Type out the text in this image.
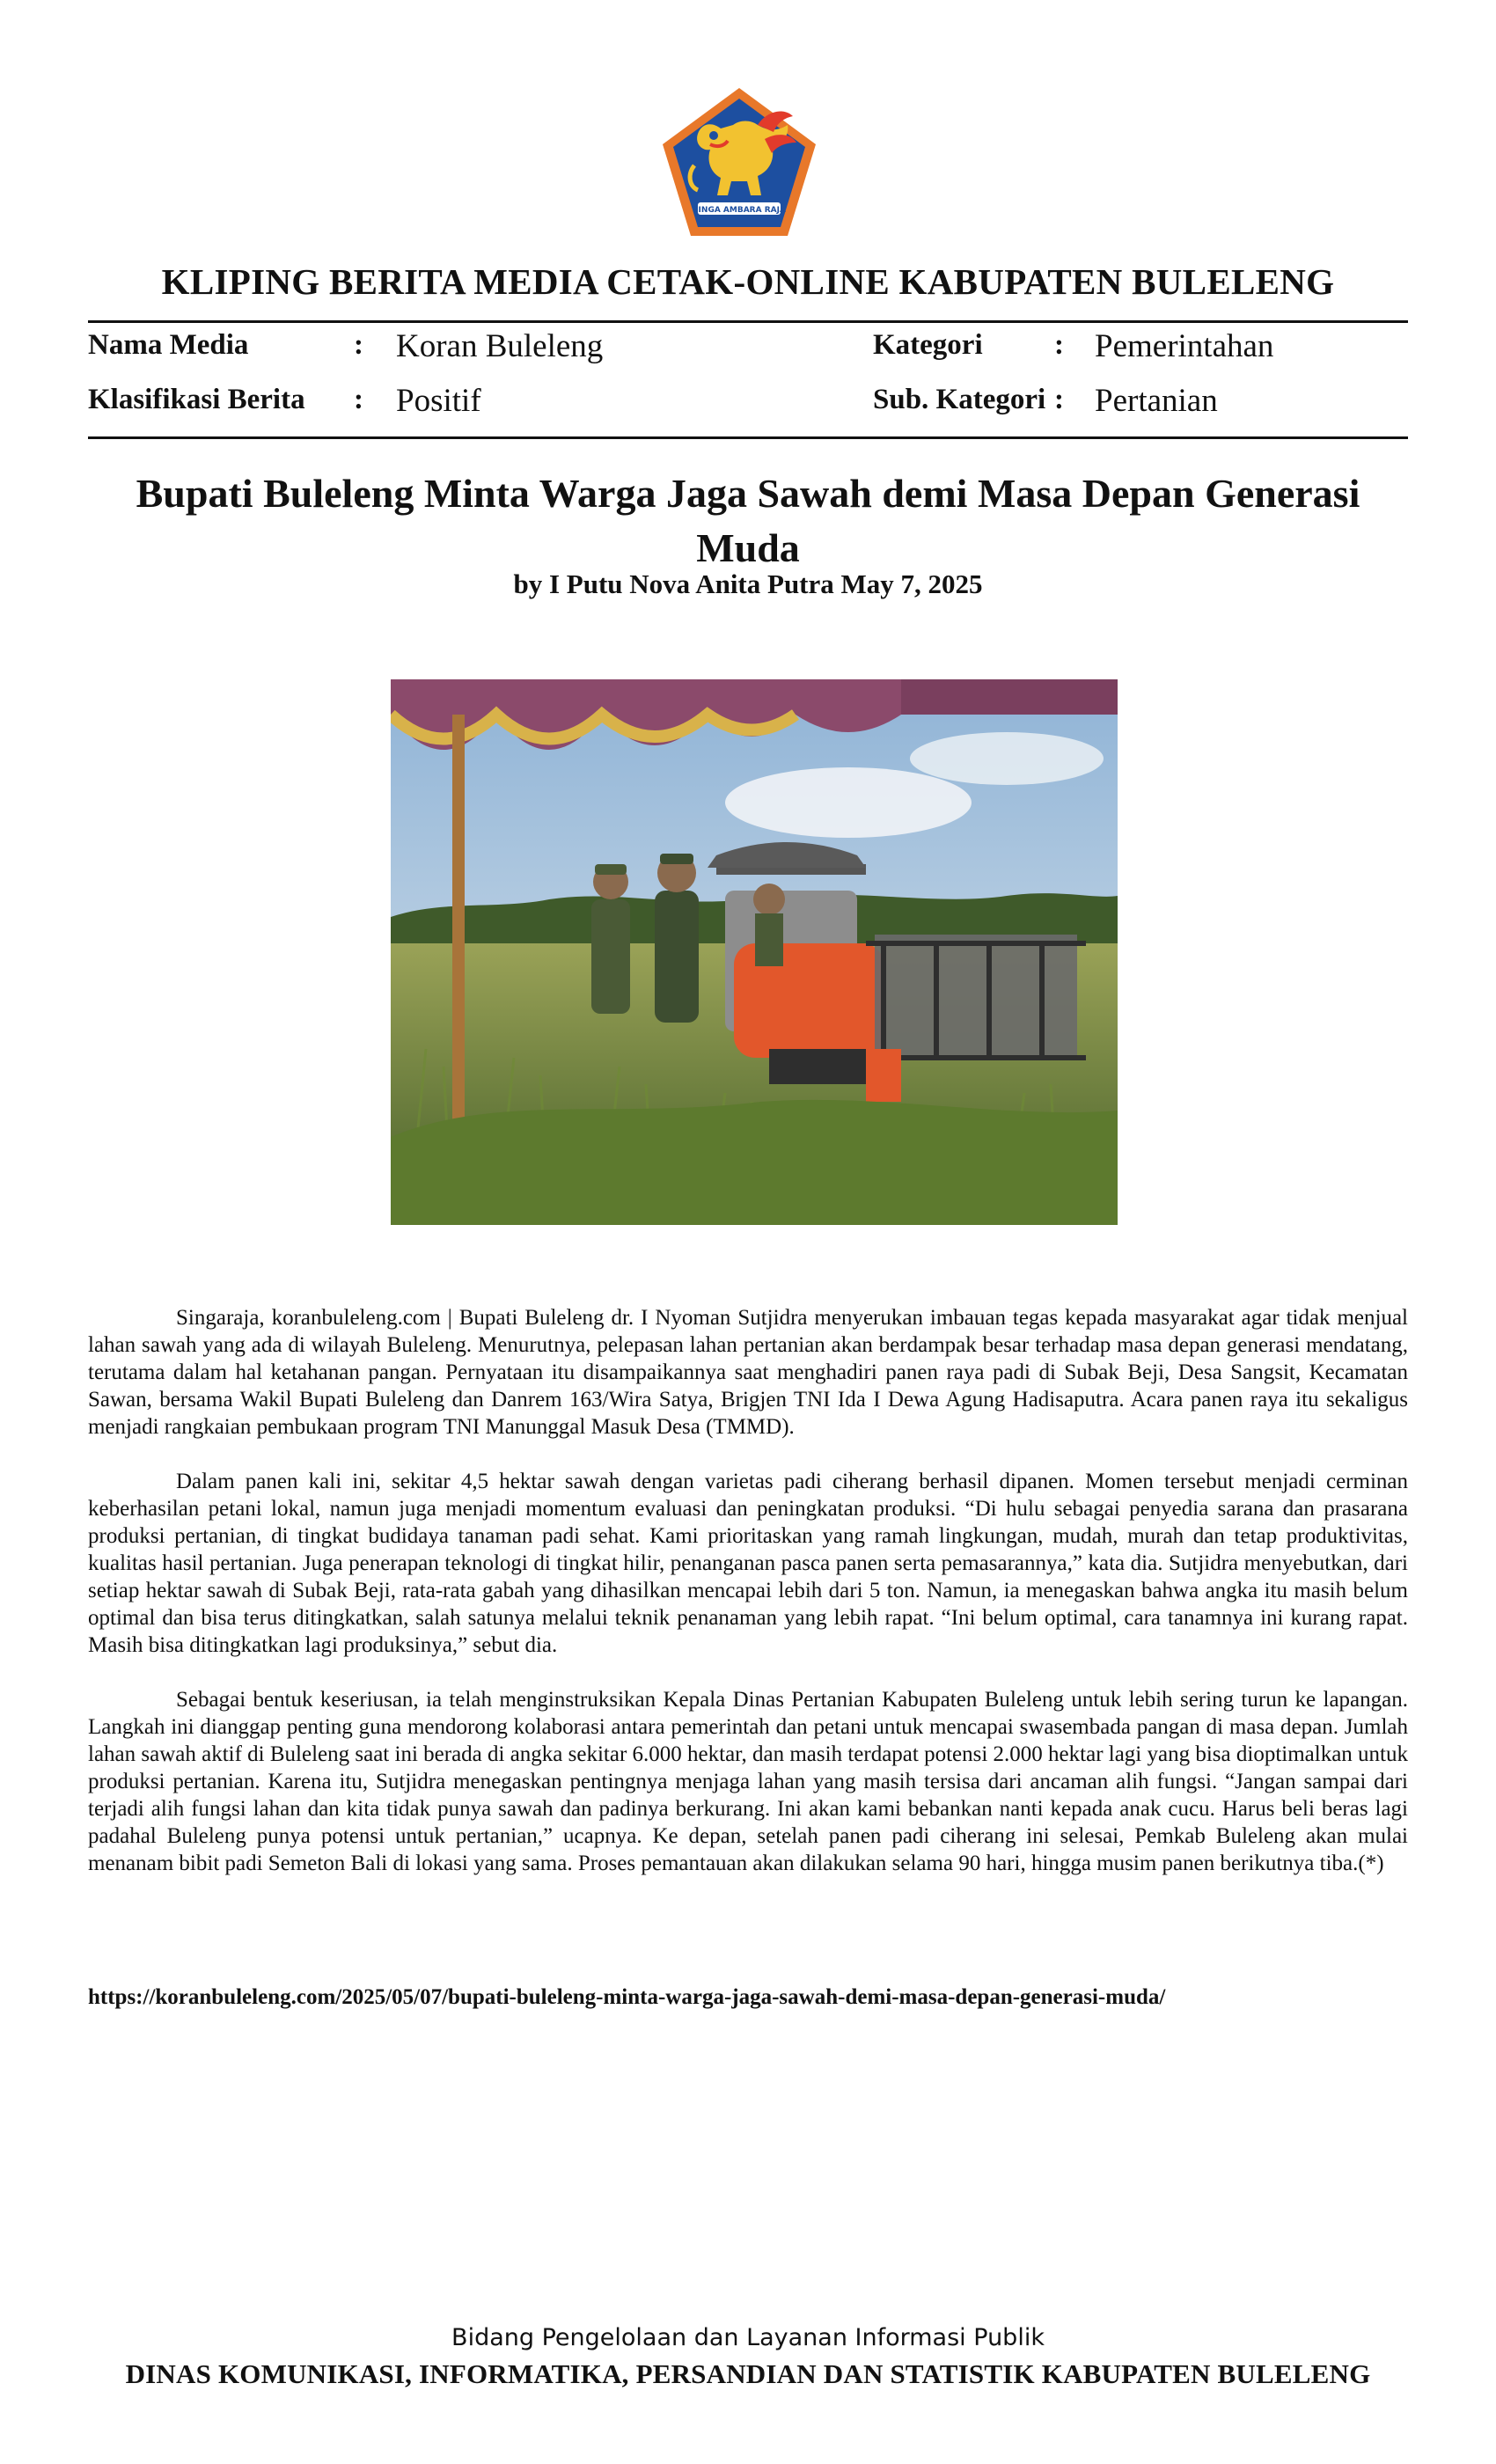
SINGA AMBARA RAJA
KLIPING BERITA MEDIA CETAK-ONLINE KABUPATEN BULELENG
Nama Media	: Koran Buleleng
Klasifikasi Berita : Positif
Kategori : Pemerintahan
Sub. Kategori : Pertanian
Bupati Buleleng Minta Warga Jaga Sawah demi Masa Depan Generasi Muda
by I Putu Nova Anita Putra May 7, 2025

Singaraja, koranbuleleng.com | Bupati Buleleng dr. I Nyoman Sutjidra menyerukan imbauan tegas kepada masyarakat agar tidak menjual lahan sawah yang ada di wilayah Buleleng. Menurutnya, pelepasan lahan pertanian akan berdampak besar terhadap masa depan generasi mendatang, terutama dalam hal ketahanan pangan. Pernyataan itu disampaikannya saat menghadiri panen raya padi di Subak Beji, Desa Sangsit, Kecamatan Sawan, bersama Wakil Bupati Buleleng dan Danrem 163/Wira Satya, Brigjen TNI Ida I Dewa Agung Hadisaputra. Acara panen raya itu sekaligus menjadi rangkaian pembukaan program TNI Manunggal Masuk Desa (TMMD).

Dalam panen kali ini, sekitar 4,5 hektar sawah dengan varietas padi ciherang berhasil dipanen. Momen tersebut menjadi cerminan keberhasilan petani lokal, namun juga menjadi momentum evaluasi dan peningkatan produksi. “Di hulu sebagai penyedia sarana dan prasarana produksi pertanian, di tingkat budidaya tanaman padi sehat. Kami prioritaskan yang ramah lingkungan, mudah, murah dan tetap produktivitas, kualitas hasil pertanian. Juga penerapan teknologi di tingkat hilir, penanganan pasca panen serta pemasarannya,” kata dia. Sutjidra menyebutkan, dari setiap hektar sawah di Subak Beji, rata-rata gabah yang dihasilkan mencapai lebih dari 5 ton. Namun, ia menegaskan bahwa angka itu masih belum optimal dan bisa terus ditingkatkan, salah satunya melalui teknik penanaman yang lebih rapat. “Ini belum optimal, cara tanamnya ini kurang rapat. Masih bisa ditingkatkan lagi produksinya,” sebut dia.

Sebagai bentuk keseriusan, ia telah menginstruksikan Kepala Dinas Pertanian Kabupaten Buleleng untuk lebih sering turun ke lapangan. Langkah ini dianggap penting guna mendorong kolaborasi antara pemerintah dan petani untuk mencapai swasembada pangan di masa depan. Jumlah lahan sawah aktif di Buleleng saat ini berada di angka sekitar 6.000 hektar, dan masih terdapat potensi 2.000 hektar lagi yang bisa dioptimalkan untuk produksi pertanian. Karena itu, Sutjidra menegaskan pentingnya menjaga lahan yang masih tersisa dari ancaman alih fungsi. “Jangan sampai dari terjadi alih fungsi lahan dan kita tidak punya sawah dan padinya berkurang. Ini akan kami bebankan nanti kepada anak cucu. Harus beli beras lagi padahal Buleleng punya potensi untuk pertanian,” ucapnya. Ke depan, setelah panen padi ciherang ini selesai, Pemkab Buleleng akan mulai menanam bibit padi Semeton Bali di lokasi yang sama. Proses pemantauan akan dilakukan selama 90 hari, hingga musim panen berikutnya tiba.(*)

https://koranbuleleng.com/2025/05/07/bupati-buleleng-minta-warga-jaga-sawah-demi-masa-depan-generasi-muda/
Bidang Pengelolaan dan Layanan Informasi Publik
DINAS KOMUNIKASI, INFORMATIKA, PERSANDIAN DAN STATISTIK KABUPATEN BULELENG
